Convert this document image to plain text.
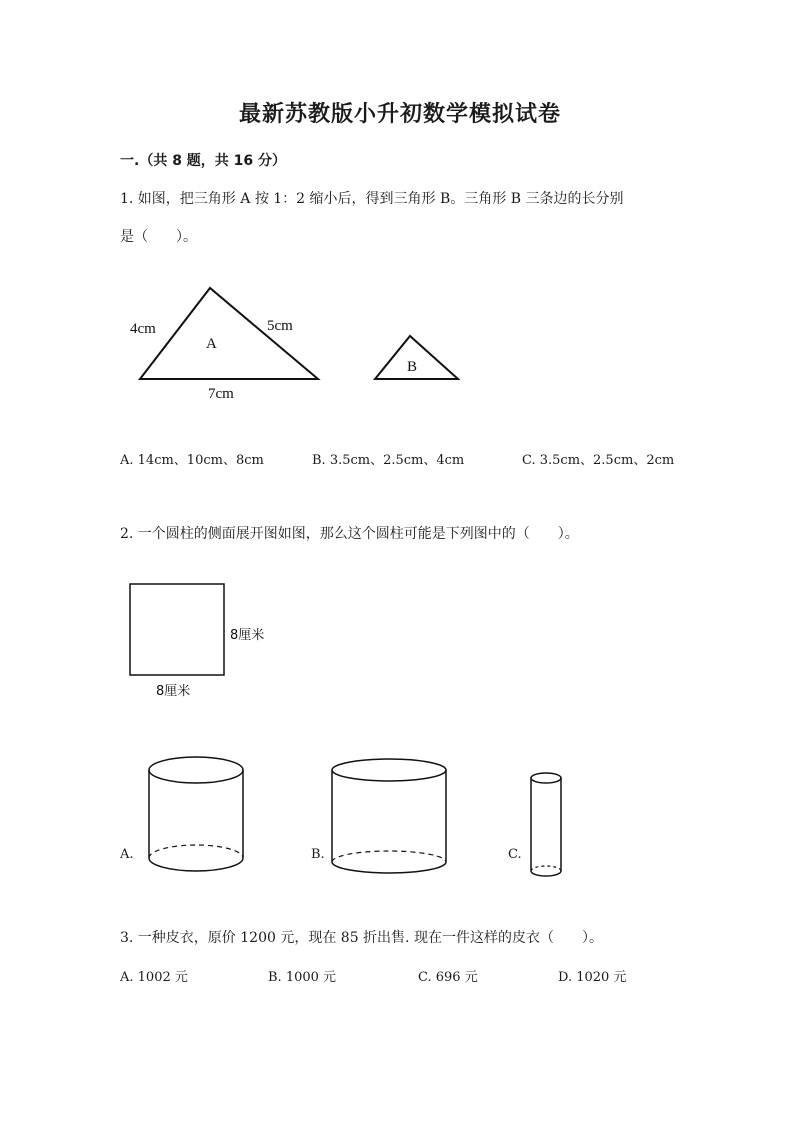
最新苏教版小升初数学模拟试卷
一.（共 8 题，共 16 分）
1. 如图，把三角形 A 按 1：2 缩小后，得到三角形 B。三角形 B 三条边的长分别
是（　　）。
A
4cm	5cm
7cm
B
A. 14cm、10cm、8cm	B. 3.5cm、2.5cm、4cm	C. 3.5cm、2.5cm、2cm
2. 一个圆柱的侧面展开图如图，那么这个圆柱可能是下列图中的（　　）。
8厘米
8厘米
A.	B.	C.
3. 一种皮衣，原价 1200 元，现在 85 折出售. 现在一件这样的皮衣（　　）。
A. 1002 元	B. 1000 元	C. 696 元	D. 1020 元
